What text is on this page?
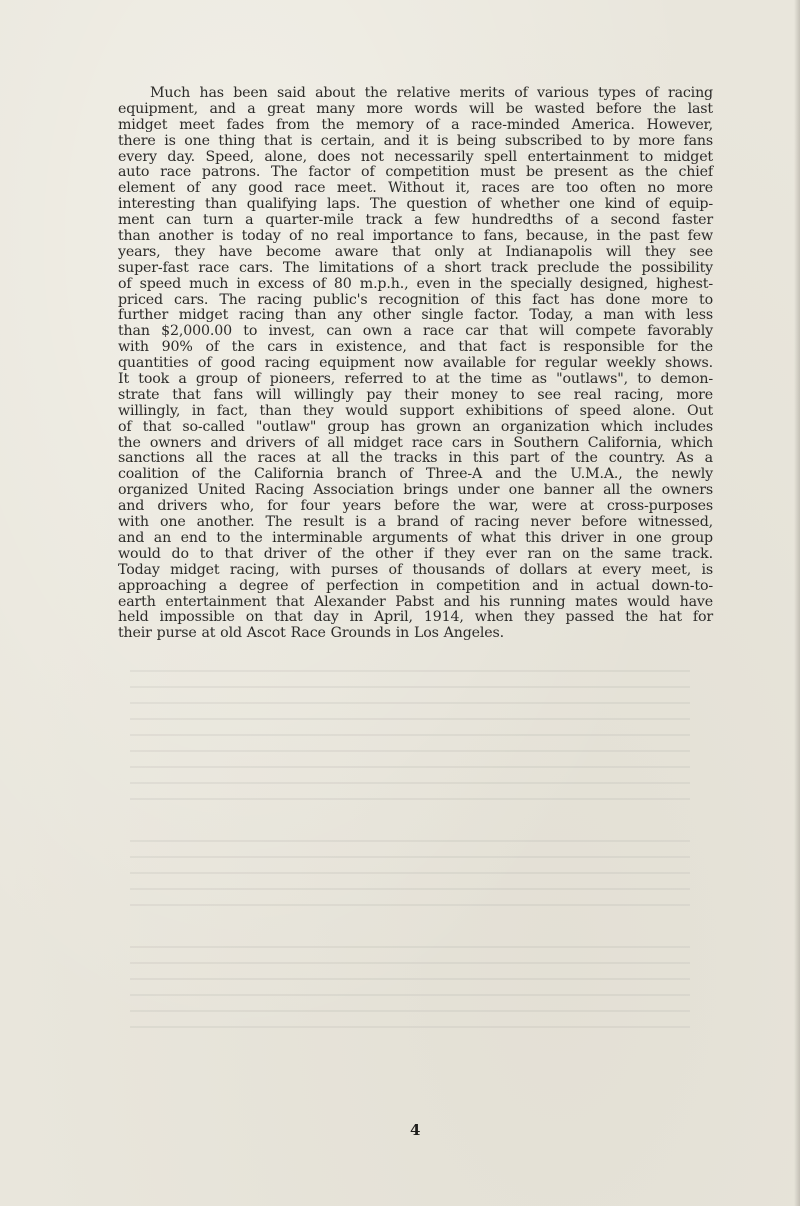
Much has been said about the relative merits of various types of racing
equipment, and a great many more words will be wasted before the last
midget meet fades from the memory of a race-minded America. However,
there is one thing that is certain, and it is being subscribed to by more fans
every day. Speed, alone, does not necessarily spell entertainment to midget
auto race patrons. The factor of competition must be present as the chief
element of any good race meet. Without it, races are too often no more
interesting than qualifying laps. The question of whether one kind of equip-
ment can turn a quarter-mile track a few hundredths of a second faster
than another is today of no real importance to fans, because, in the past few
years, they have become aware that only at Indianapolis will they see
super-fast race cars. The limitations of a short track preclude the possibility
of speed much in excess of 80 m.p.h., even in the specially designed, highest-
priced cars. The racing public's recognition of this fact has done more to
further midget racing than any other single factor. Today, a man with less
than $2,000.00 to invest, can own a race car that will compete favorably
with 90% of the cars in existence, and that fact is responsible for the
quantities of good racing equipment now available for regular weekly shows.
It took a group of pioneers, referred to at the time as "outlaws", to demon-
strate that fans will willingly pay their money to see real racing, more
willingly, in fact, than they would support exhibitions of speed alone. Out
of that so-called "outlaw" group has grown an organization which includes
the owners and drivers of all midget race cars in Southern California, which
sanctions all the races at all the tracks in this part of the country. As a
coalition of the California branch of Three-A and the U.M.A., the newly
organized United Racing Association brings under one banner all the owners
and drivers who, for four years before the war, were at cross-purposes
with one another. The result is a brand of racing never before witnessed,
and an end to the interminable arguments of what this driver in one group
would do to that driver of the other if they ever ran on the same track.
Today midget racing, with purses of thousands of dollars at every meet, is
approaching a degree of perfection in competition and in actual down-to-
earth entertainment that Alexander Pabst and his running mates would have
held impossible on that day in April, 1914, when they passed the hat for
their purse at old Ascot Race Grounds in Los Angeles.
4
